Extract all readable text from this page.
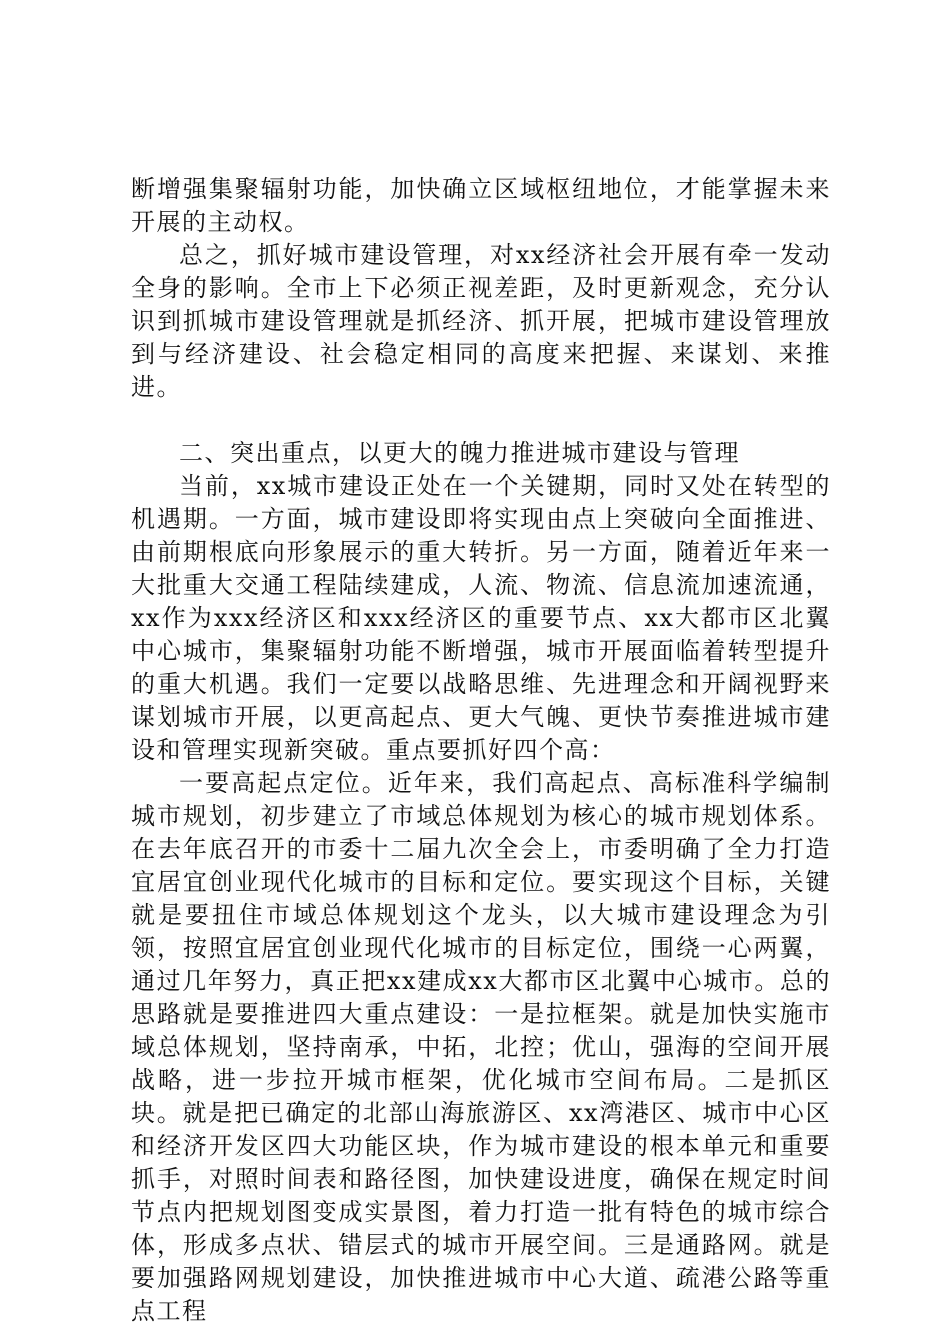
断增强集聚辐射功能，加快确立区域枢纽地位，才能掌握未来开展的主动权。

总之，抓好城市建设管理，对xx经济社会开展有牵一发动全身的影响。全市上下必须正视差距，及时更新观念，充分认识到抓城市建设管理就是抓经济、抓开展，把城市建设管理放到与经济建设、社会稳定相同的高度来把握、来谋划、来推进。

二、突出重点，以更大的魄力推进城市建设与管理

当前，xx城市建设正处在一个关键期，同时又处在转型的机遇期。一方面，城市建设即将实现由点上突破向全面推进、由前期根底向形象展示的重大转折。另一方面，随着近年来一大批重大交通工程陆续建成，人流、物流、信息流加速流通，xx作为xxx经济区和xxx经济区的重要节点、xx大都市区北翼中心城市，集聚辐射功能不断增强，城市开展面临着转型提升的重大机遇。我们一定要以战略思维、先进理念和开阔视野来谋划城市开展，以更高起点、更大气魄、更快节奏推进城市建设和管理实现新突破。重点要抓好四个高：

一要高起点定位。近年来，我们高起点、高标准科学编制城市规划，初步建立了市域总体规划为核心的城市规划体系。在去年底召开的市委十二届九次全会上，市委明确了全力打造宜居宜创业现代化城市的目标和定位。要实现这个目标，关键就是要扭住市域总体规划这个龙头，以大城市建设理念为引领，按照宜居宜创业现代化城市的目标定位，围绕一心两翼，通过几年努力，真正把xx建成xx大都市区北翼中心城市。总的思路就是要推进四大重点建设：一是拉框架。就是加快实施市域总体规划，坚持南承，中拓，北控；优山，强海的空间开展战略，进一步拉开城市框架，优化城市空间布局。二是抓区块。就是把已确定的北部山海旅游区、xx湾港区、城市中心区和经济开发区四大功能区块，作为城市建设的根本单元和重要抓手，对照时间表和路径图，加快建设进度，确保在规定时间节点内把规划图变成实景图，着力打造一批有特色的城市综合体，形成多点状、错层式的城市开展空间。三是通路网。就是要加强路网规划建设，加快推进城市中心大道、疏港公路等重点工程
